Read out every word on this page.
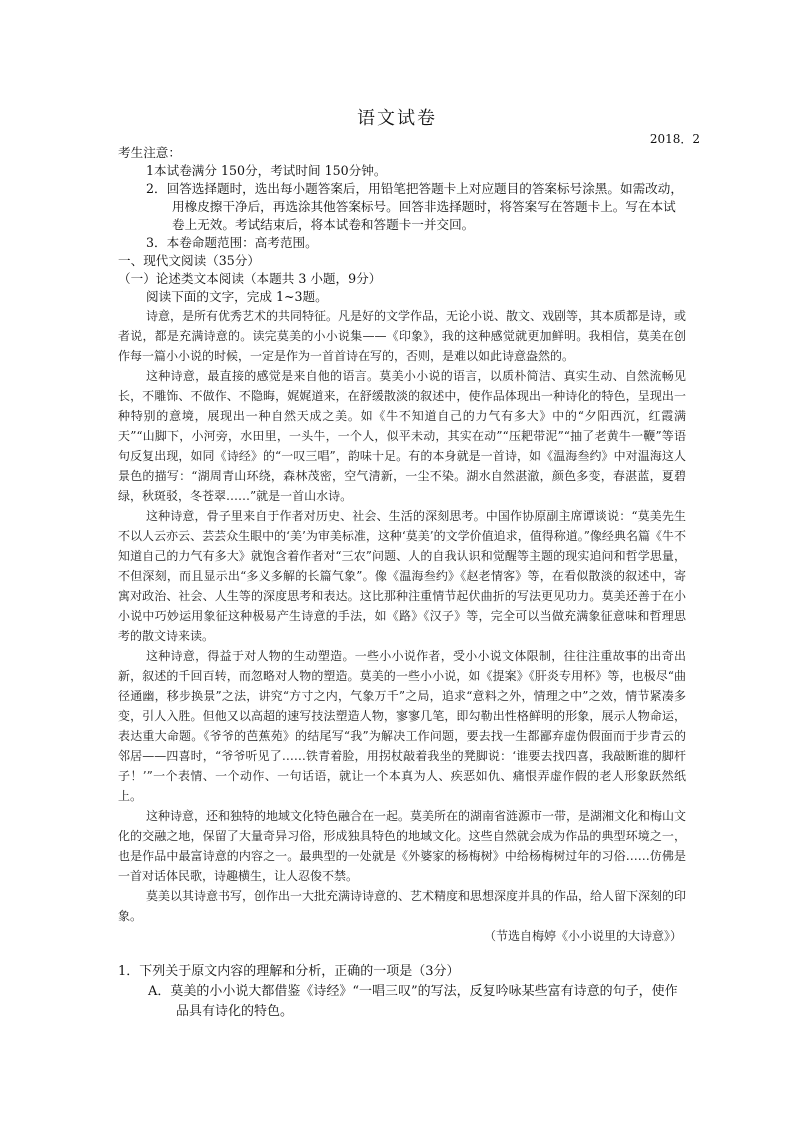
语文试卷
2018．2
考生注意：
1本试卷满分 150分，考试时间 150分钟。
2．回答选择题时，选出每小题答案后，用铅笔把答题卡上对应题目的答案标号涂黑。如需改动，用橡皮擦干净后，再选涂其他答案标号。回答非选择题时，将答案写在答题卡上。写在本试卷上无效。考试结束后，将本试卷和答题卡一并交回。
3．本卷命题范围：高考范围。
一、现代文阅读（35分）
（一）论述类文本阅读（本题共 3 小题，9分）
阅读下面的文字，完成 1~3题。

诗意，是所有优秀艺术的共同特征。凡是好的文学作品，无论小说、散文、戏剧等，其本质都是诗，或者说，都是充满诗意的。读完莫美的小小说集——《印象》，我的这种感觉就更加鲜明。我相信，莫美在创作每一篇小小说的时候，一定是作为一首首诗在写的，否则，是难以如此诗意盎然的。

这种诗意，最直接的感觉是来自他的语言。莫美小小说的语言，以质朴简洁、真实生动、自然流畅见长，不雕饰、不做作、不隐晦，娓娓道来，在舒缓散淡的叙述中，使作品体现出一种诗化的特色，呈现出一种特别的意境，展现出一种自然天成之美。如《牛不知道自己的力气有多大》中的“夕阳西沉，红霞满天”“山脚下，小河旁，水田里，一头牛，一个人，似平未动，其实在动”“压耙带泥”“抽了老黄牛一鞭”等语句反复出现，如同《诗经》的“一叹三唱”，韵味十足。有的本身就是一首诗，如《温海叁约》中对温海这人景色的描写：“湖周青山环绕，森林茂密，空气清新，一尘不染。湖水自然湛澈，颜色多变，春湛蓝，夏碧绿，秋斑驳，冬苍翠……”就是一首山水诗。

这种诗意，骨子里来自于作者对历史、社会、生活的深刻思考。中国作协原副主席谭谈说：“莫美先生不以人云亦云、芸芸众生眼中的‘美’为审美标准，这种‘莫美’的文学价值追求，值得称道。”像经典名篇《牛不知道自己的力气有多大》就饱含着作者对“三农”问题、人的自我认识和觉醒等主题的现实追问和哲学思量，不但深刻，而且显示出“多义多解的长篇气象”。像《温海叁约》《赵老情客》等，在看似散淡的叙述中，寄寓对政治、社会、人生等的深度思考和表达。这比那种注重情节起伏曲折的写法更见功力。莫美还善于在小小说中巧妙运用象征这种极易产生诗意的手法，如《路》《汉子》等，完全可以当做充满象征意味和哲理思考的散文诗来读。

这种诗意，得益于对人物的生动塑造。一些小小说作者，受小小说文体限制，往往注重故事的出奇出新，叙述的千回百转，而忽略对人物的塑造。莫美的一些小小说，如《提案》《肝炎专用杯》等，也极尽“曲径通幽，移步换景”之法，讲究“方寸之内，气象万千”之局，追求“意料之外，情理之中”之效，情节紧凑多变，引人入胜。但他又以高超的速写技法塑造人物，寥寥几笔，即勾勒出性格鲜明的形象，展示人物命运，表达重大命题。《爷爷的芭蕉苑》的结尾写“我”为解决工作问题，要去找一生都鄙弃虚伪假面而于步青云的邻居——四喜时，“爷爷听见了……铁青着脸，用拐杖敲着我坐的凳脚说：‘谁要去找四喜，我敲断谁的脚杆子！’”一个表情、一个动作、一句话语，就让一个本真为人、疾恶如仇、痛恨弄虚作假的老人形象跃然纸上。

这种诗意，还和独特的地域文化特色融合在一起。莫美所在的湖南省涟源市一带，是湖湘文化和梅山文化的交融之地，保留了大量奇异习俗，形成独具特色的地域文化。这些自然就会成为作品的典型环境之一，也是作品中最富诗意的内容之一。最典型的一处就是《外婆家的杨梅树》中给杨梅树过年的习俗……仿佛是一首对话体民歌，诗趣横生，让人忍俊不禁。

莫美以其诗意书写，创作出一大批充满诗诗意的、艺术精度和思想深度并具的作品，给人留下深刻的印象。

（节选自梅婷《小小说里的大诗意》）
1．下列关于原文内容的理解和分析，正确的一项是（3分）
A．莫美的小小说大都借鉴《诗经》“一唱三叹”的写法，反复吟咏某些富有诗意的句子，使作品具有诗化的特色。
